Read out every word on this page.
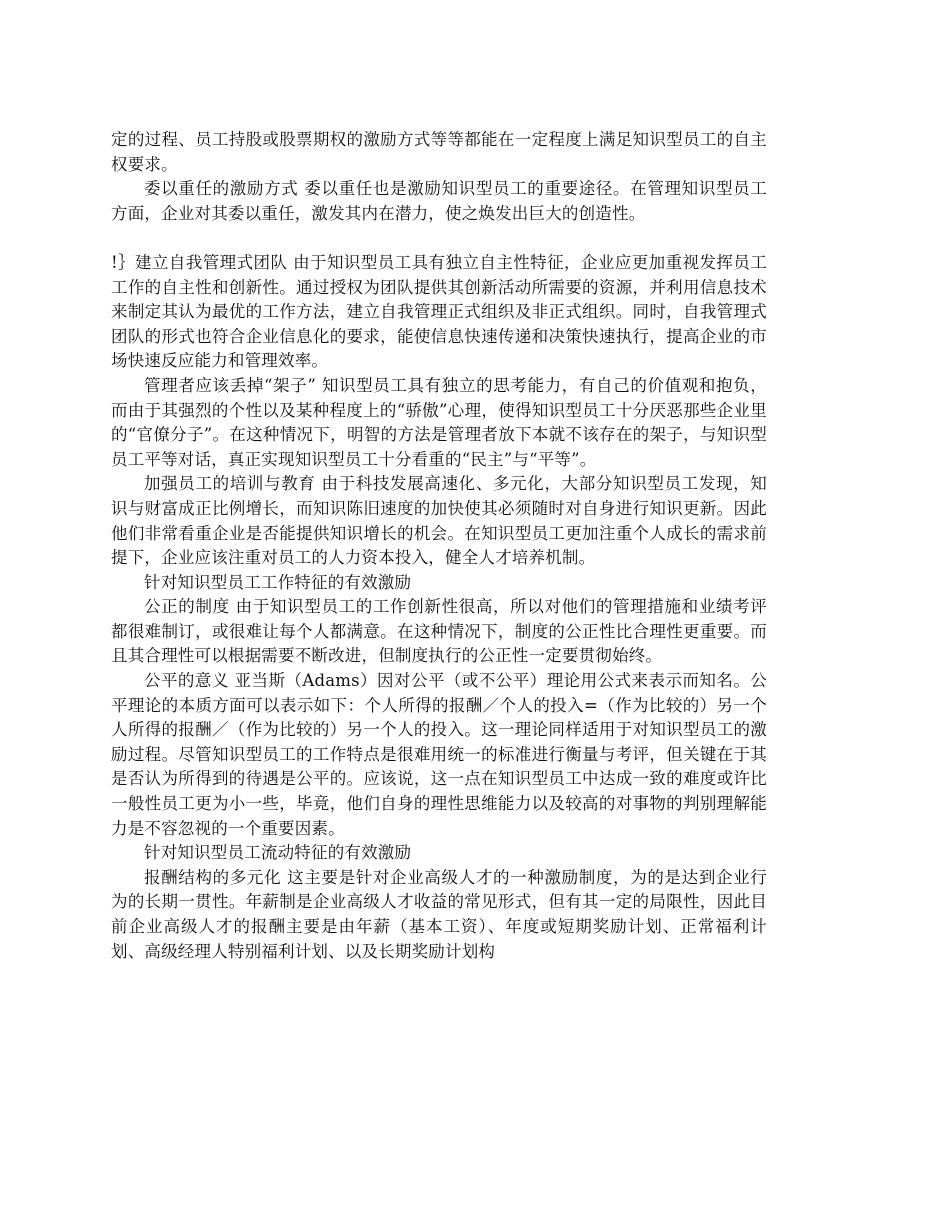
定的过程、员工持股或股票期权的激励方式等等都能在一定程度上满足知识型员工的自主权要求。

委以重任的激励方式 委以重任也是激励知识型员工的重要途径。在管理知识型员工方面，企业对其委以重任，激发其内在潜力，使之焕发出巨大的创造性。

!｝建立自我管理式团队 由于知识型员工具有独立自主性特征，企业应更加重视发挥员工工作的自主性和创新性。通过授权为团队提供其创新活动所需要的资源，并利用信息技术来制定其认为最优的工作方法，建立自我管理正式组织及非正式组织。同时，自我管理式团队的形式也符合企业信息化的要求，能使信息快速传递和决策快速执行，提高企业的市场快速反应能力和管理效率。

管理者应该丢掉“架子” 知识型员工具有独立的思考能力，有自己的价值观和抱负，而由于其强烈的个性以及某种程度上的“骄傲”心理，使得知识型员工十分厌恶那些企业里的“官僚分子”。在这种情况下，明智的方法是管理者放下本就不该存在的架子，与知识型员工平等对话，真正实现知识型员工十分看重的“民主”与“平等”。

加强员工的培训与教育 由于科技发展高速化、多元化，大部分知识型员工发现，知识与财富成正比例增长，而知识陈旧速度的加快使其必须随时对自身进行知识更新。因此他们非常看重企业是否能提供知识增长的机会。在知识型员工更加注重个人成长的需求前提下，企业应该注重对员工的人力资本投入，健全人才培养机制。

针对知识型员工工作特征的有效激励

公正的制度 由于知识型员工的工作创新性很高，所以对他们的管理措施和业绩考评都很难制订，或很难让每个人都满意。在这种情况下，制度的公正性比合理性更重要。而且其合理性可以根据需要不断改进，但制度执行的公正性一定要贯彻始终。

公平的意义 亚当斯（Adams）因对公平（或不公平）理论用公式来表示而知名。公平理论的本质方面可以表示如下：个人所得的报酬／个人的投入=（作为比较的）另一个人所得的报酬／（作为比较的）另一个人的投入。这一理论同样适用于对知识型员工的激励过程。尽管知识型员工的工作特点是很难用统一的标准进行衡量与考评，但关键在于其是否认为所得到的待遇是公平的。应该说，这一点在知识型员工中达成一致的难度或许比一般性员工更为小一些，毕竟，他们自身的理性思维能力以及较高的对事物的判别理解能力是不容忽视的一个重要因素。

针对知识型员工流动特征的有效激励

报酬结构的多元化 这主要是针对企业高级人才的一种激励制度，为的是达到企业行为的长期一贯性。年薪制是企业高级人才收益的常见形式，但有其一定的局限性，因此目前企业高级人才的报酬主要是由年薪（基本工资）、年度或短期奖励计划、正常福利计划、高级经理人特别福利计划、以及长期奖励计划构
